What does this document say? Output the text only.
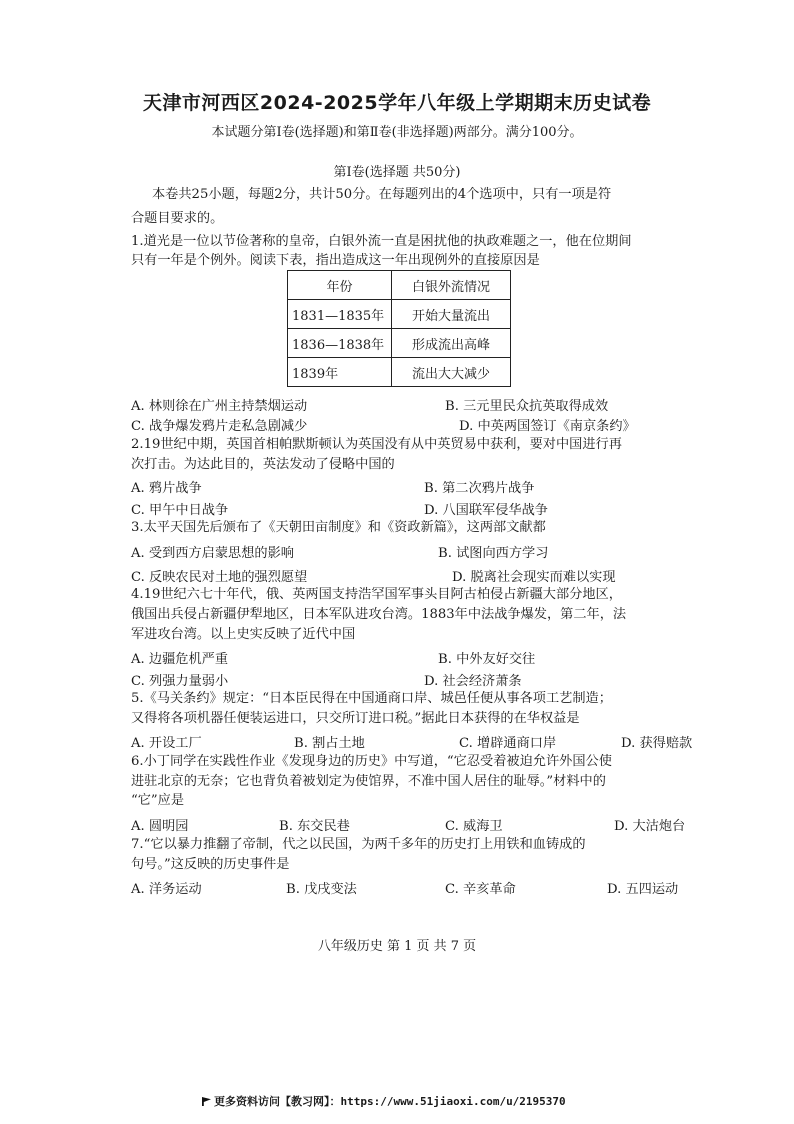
天津市河西区2024-2025学年八年级上学期期末历史试卷
本试题分第Ⅰ卷(选择题)和第Ⅱ卷(非选择题)两部分。满分100分。
第Ⅰ卷(选择题 共50分)
本卷共25小题，每题2分，共计50分。在每题列出的4个选项中，只有一项是符
合题目要求的。
1.道光是一位以节俭著称的皇帝，白银外流一直是困扰他的执政难题之一，他在位期间
只有一年是个例外。阅读下表，指出造成这一年出现例外的直接原因是
年份	白银外流情况
1831—1835年	开始大量流出
1836—1838年	形成流出高峰
1839年	流出大大减少
A. 林则徐在广州主持禁烟运动	B. 三元里民众抗英取得成效
C. 战争爆发鸦片走私急剧减少	D. 中英两国签订《南京条约》
2.19世纪中期，英国首相帕默斯顿认为英国没有从中英贸易中获利，要对中国进行再
次打击。为达此目的，英法发动了侵略中国的
A. 鸦片战争	B. 第二次鸦片战争
C. 甲午中日战争	D. 八国联军侵华战争
3.太平天国先后颁布了《天朝田亩制度》和《资政新篇》，这两部文献都
A. 受到西方启蒙思想的影响	B. 试图向西方学习
C. 反映农民对土地的强烈愿望	D. 脱离社会现实而难以实现
4.19世纪六七十年代，俄、英两国支持浩罕国军事头目阿古柏侵占新疆大部分地区，
俄国出兵侵占新疆伊犁地区，日本军队进攻台湾。1883年中法战争爆发，第二年，法
军进攻台湾。以上史实反映了近代中国
A. 边疆危机严重	B. 中外友好交往
C. 列强力量弱小	D. 社会经济萧条
5.《马关条约》规定：“日本臣民得在中国通商口岸、城邑任便从事各项工艺制造；
又得将各项机器任便装运进口，只交所订进口税。”据此日本获得的在华权益是
A. 开设工厂	B. 割占土地	C. 增辟通商口岸	D. 获得赔款
6.小丁同学在实践性作业《发现身边的历史》中写道，“它忍受着被迫允许外国公使
进驻北京的无奈；它也背负着被划定为使馆界，不准中国人居住的耻辱。”材料中的
“它”应是
A. 圆明园	B. 东交民巷	C. 威海卫	D. 大沽炮台
7.“它以暴力推翻了帝制，代之以民国，为两千多年的历史打上用铁和血铸成的
句号。”这反映的历史事件是
A. 洋务运动	B. 戊戌变法	C. 辛亥革命	D. 五四运动
八年级历史 第 1 页 共 7 页
更多资料访问【教习网】：https://www.51jiaoxi.com/u/2195370
